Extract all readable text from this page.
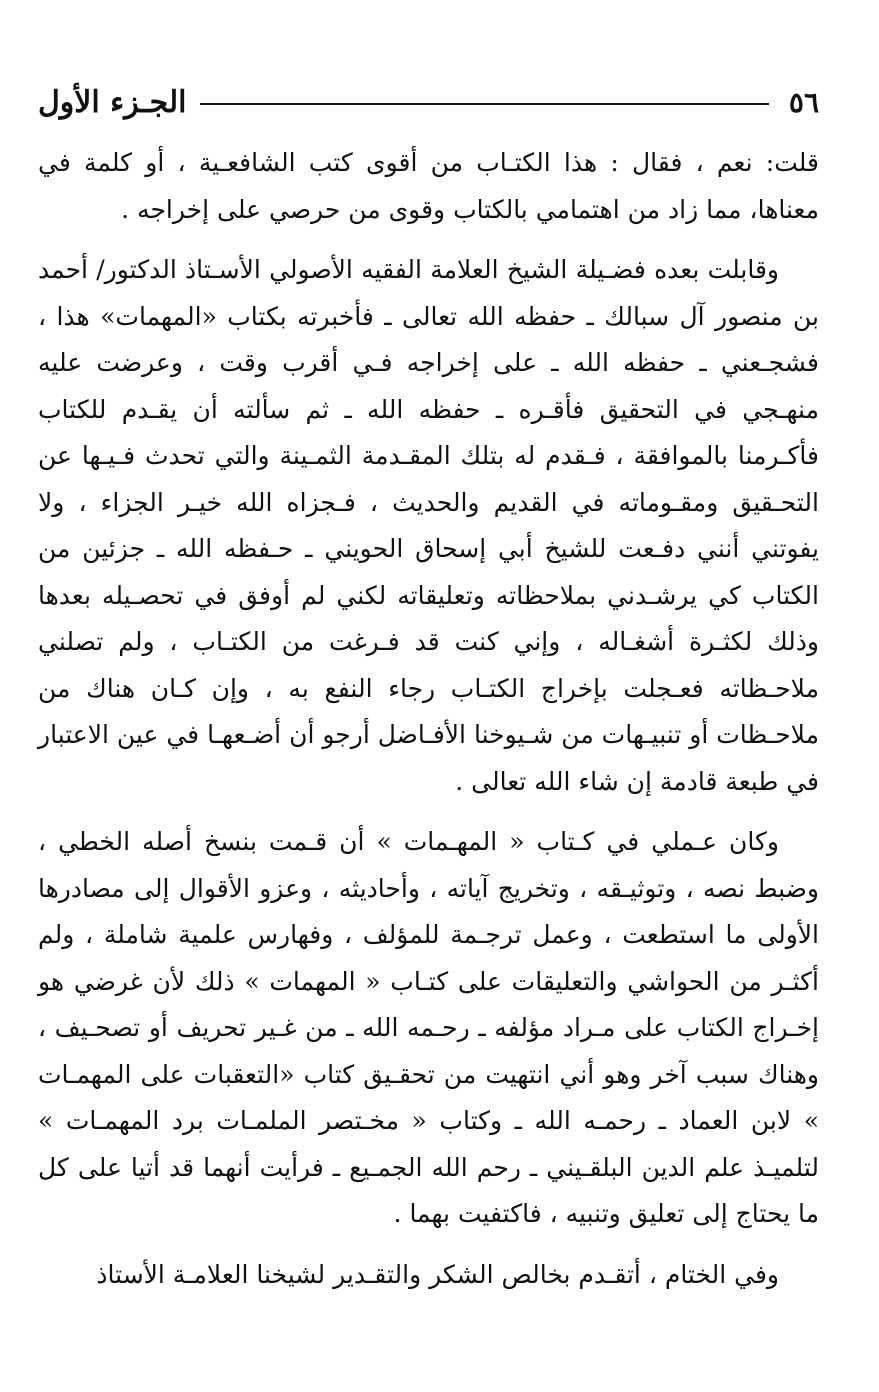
٥٦
الجـزء الأول

قلت: نعم ، فقال : هذا الكتـاب من أقوى كتب الشافعـية ، أو كلمة في معناها، مما زاد من اهتمامي بالكتاب وقوى من حرصي على إخراجه .

وقابلت بعده فضـيلة الشيخ العلامة الفقيه الأصولي الأسـتاذ الدكتور/ أحمد بن منصور آل سبالك ـ حفظه الله تعالى ـ فأخبرته بكتاب «المهمات» هذا ، فشجـعني ـ حفظه الله ـ على إخراجه فـي أقرب وقت ، وعرضت عليه منهـجي في التحقيق فأقـره ـ حفظه الله ـ ثم سألته أن يقـدم للكتاب فأكـرمنا بالموافقة ، فـقدم له بتلك المقـدمة الثمـينة والتي تحدث فـيـها عن التحـقيق ومقـوماته في القديم والحديث ، فـجزاه الله خيـر الجزاء ، ولا يفوتني أنني دفـعت للشيخ أبي إسحاق الحويني ـ حـفظه الله ـ جزئين من الكتاب كي يرشـدني بملاحظاته وتعليقاته لكني لم أوفق في تحصـيله بعدها وذلك لكثـرة أشغـاله ، وإني كنت قد فـرغت من الكتـاب ، ولم تصلني ملاحـظاته فعـجلت بإخراج الكتـاب رجاء النفع به ، وإن كـان هناك من ملاحـظات أو تنبيـهات من شـيوخنا الأفـاضل أرجو أن أضـعهـا في عين الاعتبار في طبعة قادمة إن شاء الله تعالى .

وكان عـملي في كـتاب « المهـمات » أن قـمت بنسخ أصله الخطي ، وضبط نصه ، وتوثيـقه ، وتخريج آياته ، وأحاديثه ، وعزو الأقوال إلى مصادرها الأولى ما استطعت ، وعمل ترجـمة للمؤلف ، وفهارس علمية شاملة ، ولم أكثـر من الحواشي والتعليقات على كتـاب « المهمات » ذلك لأن غرضي هو إخـراج الكتاب على مـراد مؤلفه ـ رحـمه الله ـ من غـير تحريف أو تصحـيف ، وهناك سبب آخر وهو أني انتهيت من تحقـيق كتاب «التعقبات على المهمـات » لابن العماد ـ رحمـه الله ـ وكتاب « مخـتصر الملمـات برد المهمـات » لتلميـذ علم الدين البلقـيني ـ رحم الله الجمـيع ـ فرأيت أنهما قد أتيا على كل ما يحتاج إلى تعليق وتنبيه ، فاكتفيت بهما .

وفي الختام ، أتقـدم بخالص الشكر والتقـدير لشيخنا العلامـة الأستاذ
